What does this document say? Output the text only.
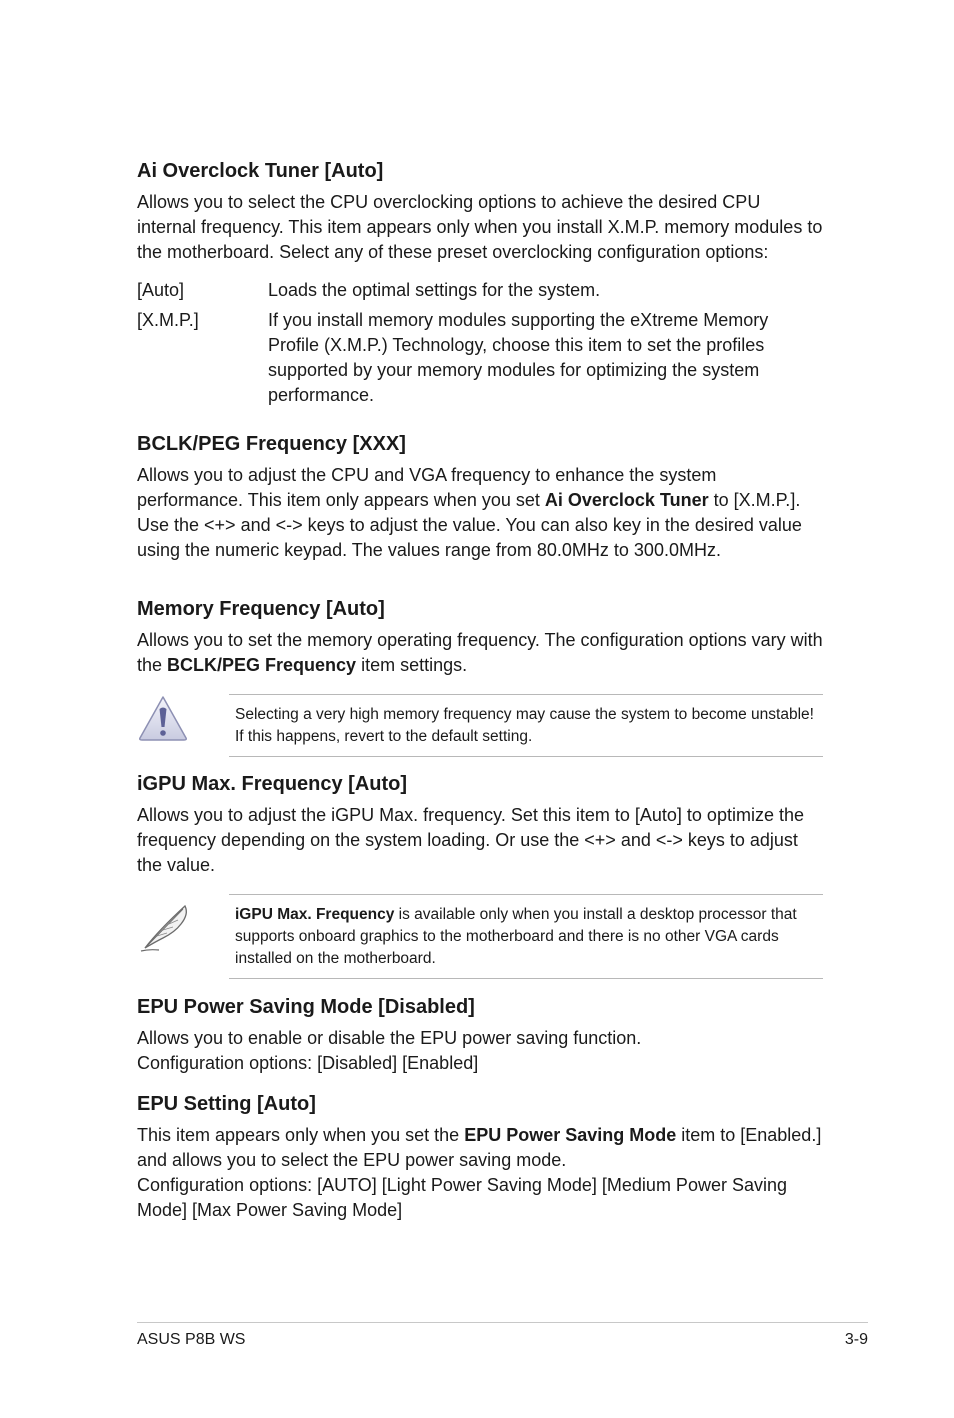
Ai Overclock Tuner [Auto]

Allows you to select the CPU overclocking options to achieve the desired CPU internal frequency. This item appears only when you install X.M.P. memory modules to the motherboard. Select any of these preset overclocking configuration options:

[Auto]	Loads the optimal settings for the system.
[X.M.P.]	If you install memory modules supporting the eXtreme Memory Profile (X.M.P.) Technology, choose this item to set the profiles supported by your memory modules for optimizing the system performance.
BCLK/PEG Frequency [XXX]

Allows you to adjust the CPU and VGA frequency to enhance the system performance. This item only appears when you set Ai Overclock Tuner to [X.M.P.]. Use the <+> and <-> keys to adjust the value. You can also key in the desired value using the numeric keypad. The values range from 80.0MHz to 300.0MHz.

Memory Frequency [Auto]

Allows you to set the memory operating frequency. The configuration options vary with the BCLK/PEG Frequency item settings.

Selecting a very high memory frequency may cause the system to become unstable! If this happens, revert to the default setting.
iGPU Max. Frequency [Auto]

Allows you to adjust the iGPU Max. frequency. Set this item to [Auto] to optimize the frequency depending on the system loading. Or use the <+> and <-> keys to adjust the value.

iGPU Max. Frequency is available only when you install a desktop processor that supports onboard graphics to the motherboard and there is no other VGA cards installed on the motherboard.
EPU Power Saving Mode [Disabled]

Allows you to enable or disable the EPU power saving function.

Configuration options: [Disabled] [Enabled]

EPU Setting [Auto]

This item appears only when you set the EPU Power Saving Mode item to [Enabled.] and allows you to select the EPU power saving mode.

Configuration options: [AUTO] [Light Power Saving Mode] [Medium Power Saving Mode] [Max Power Saving Mode]

ASUS P8B WS	3-9
